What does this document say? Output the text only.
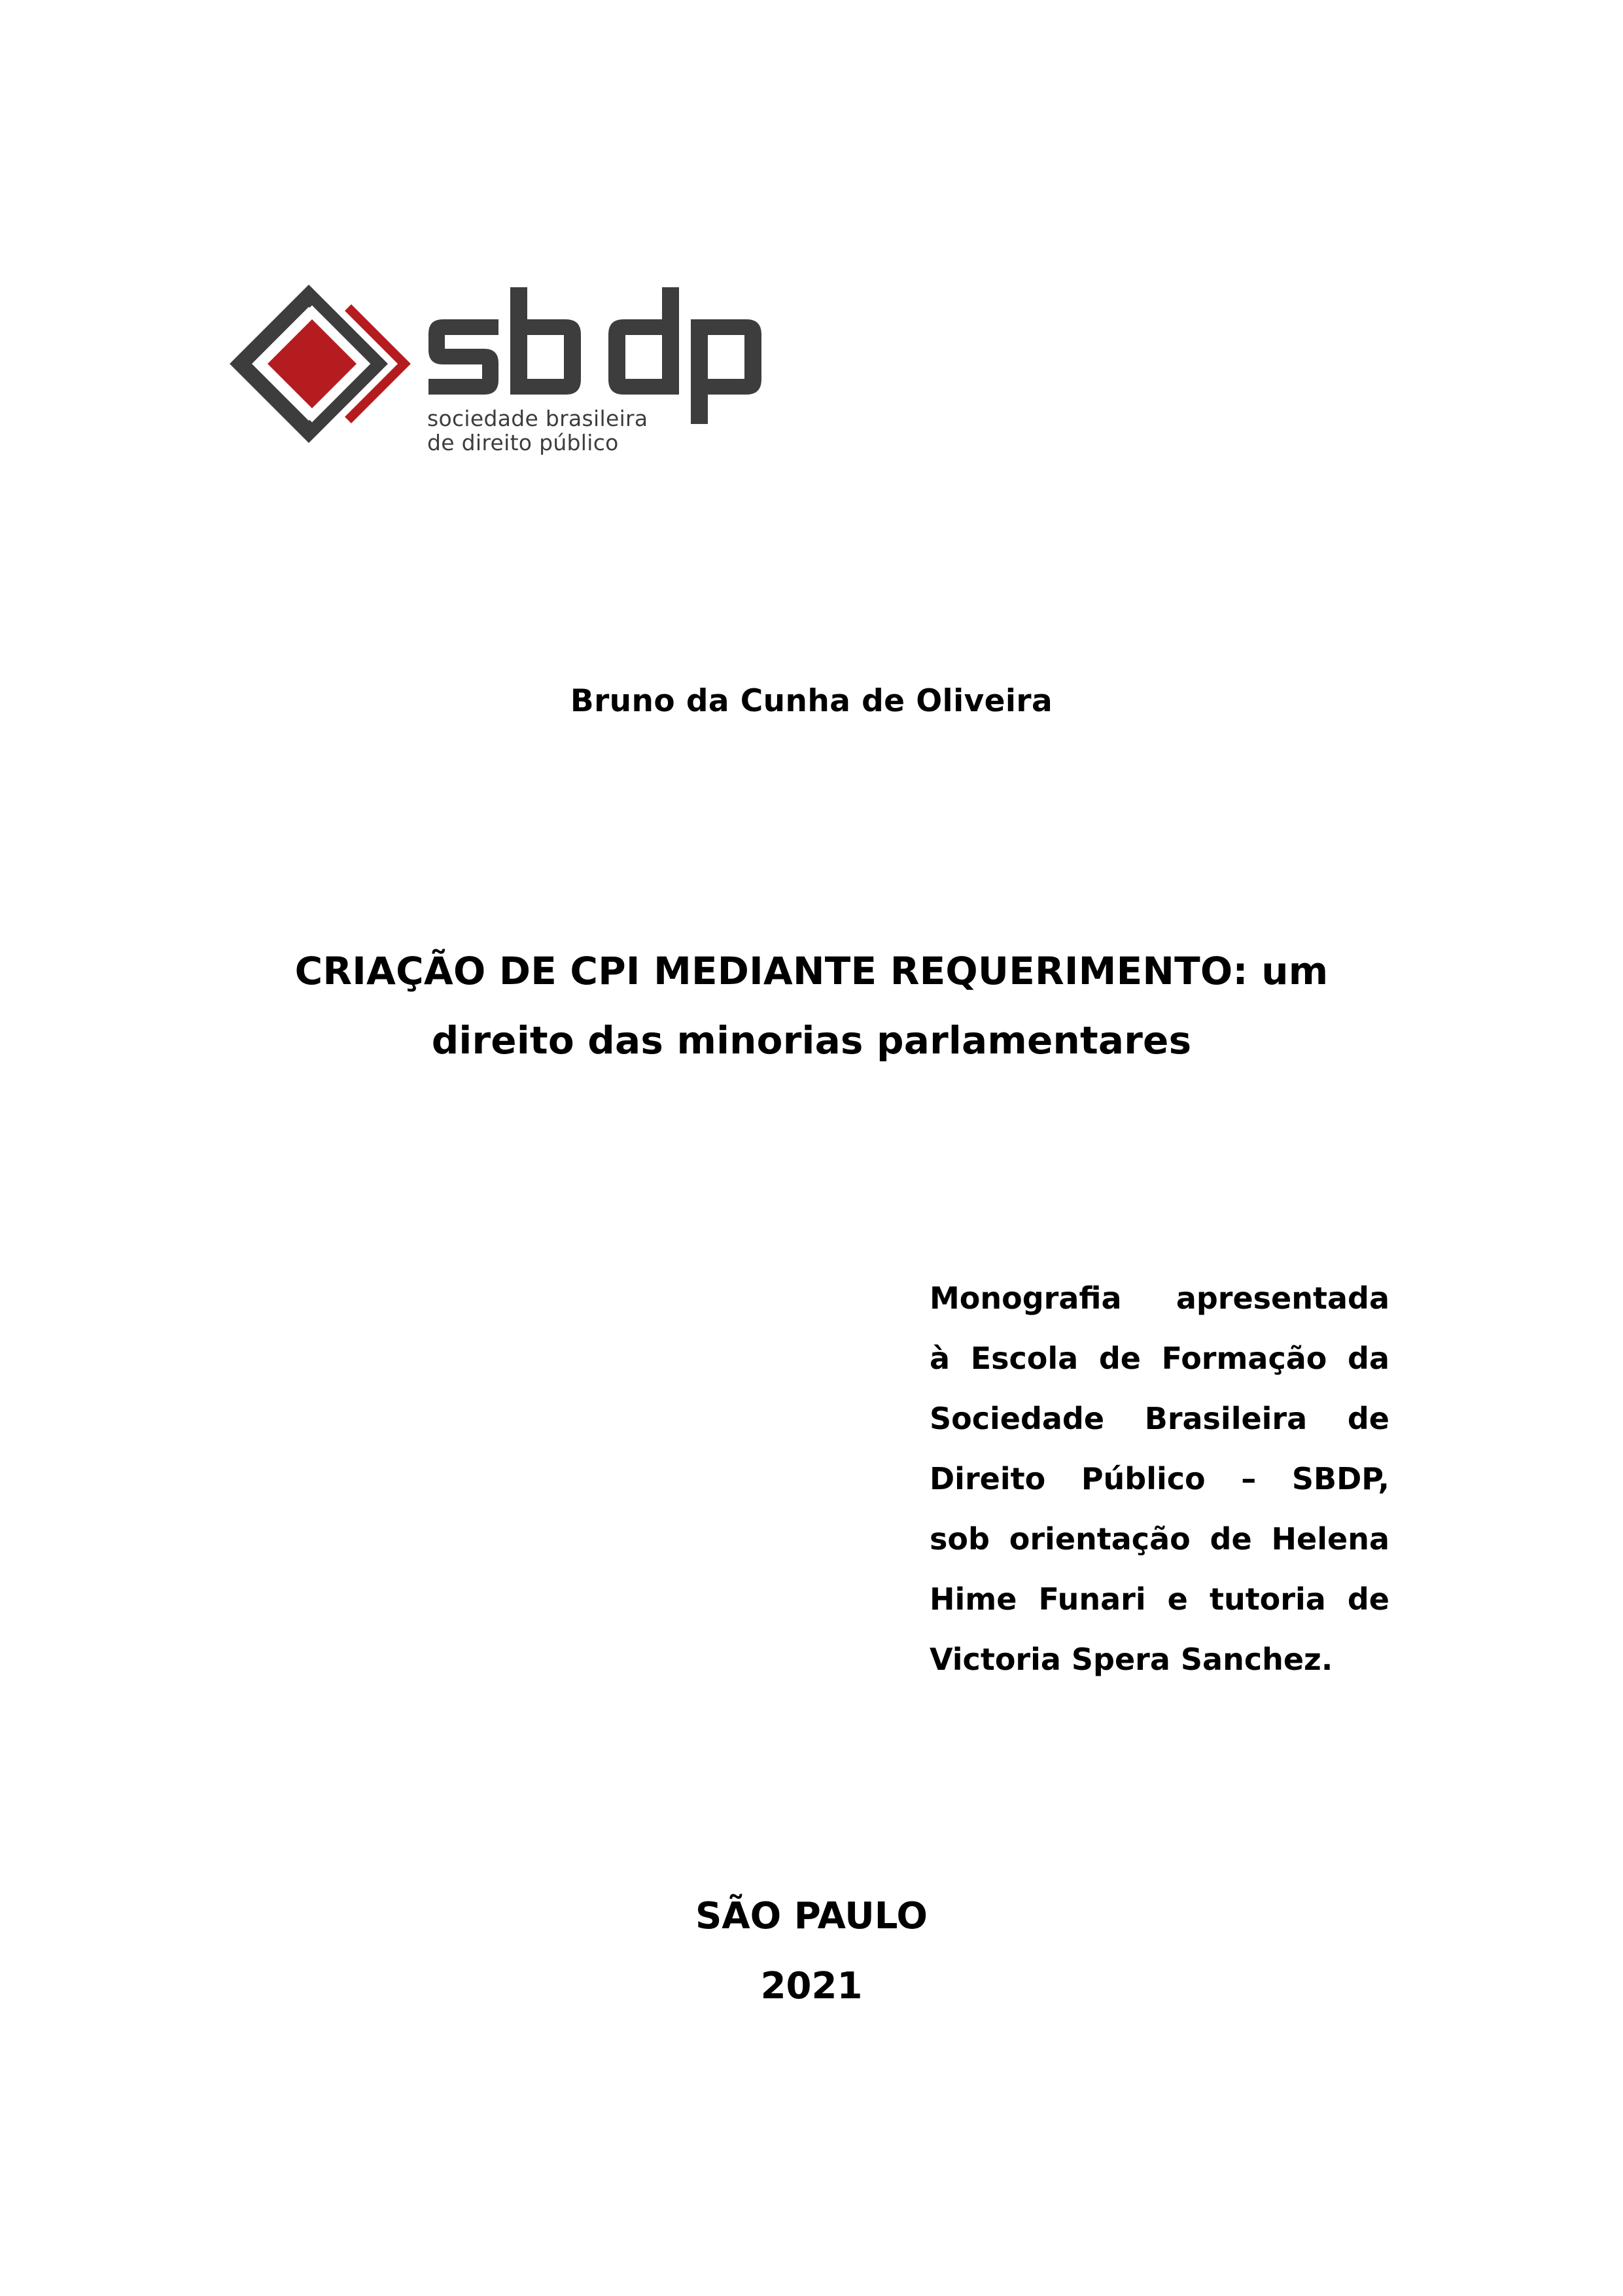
sociedade brasileira
de direito público
Bruno da Cunha de Oliveira
CRIAÇÃO DE CPI MEDIANTE REQUERIMENTO: um
direito das minorias parlamentares
Monografia apresentada
à Escola de Formação da
Sociedade Brasileira de
Direito Público – SBDP,
sob orientação de Helena
Hime Funari e tutoria de
Victoria Spera Sanchez.
SÃO PAULO
2021
